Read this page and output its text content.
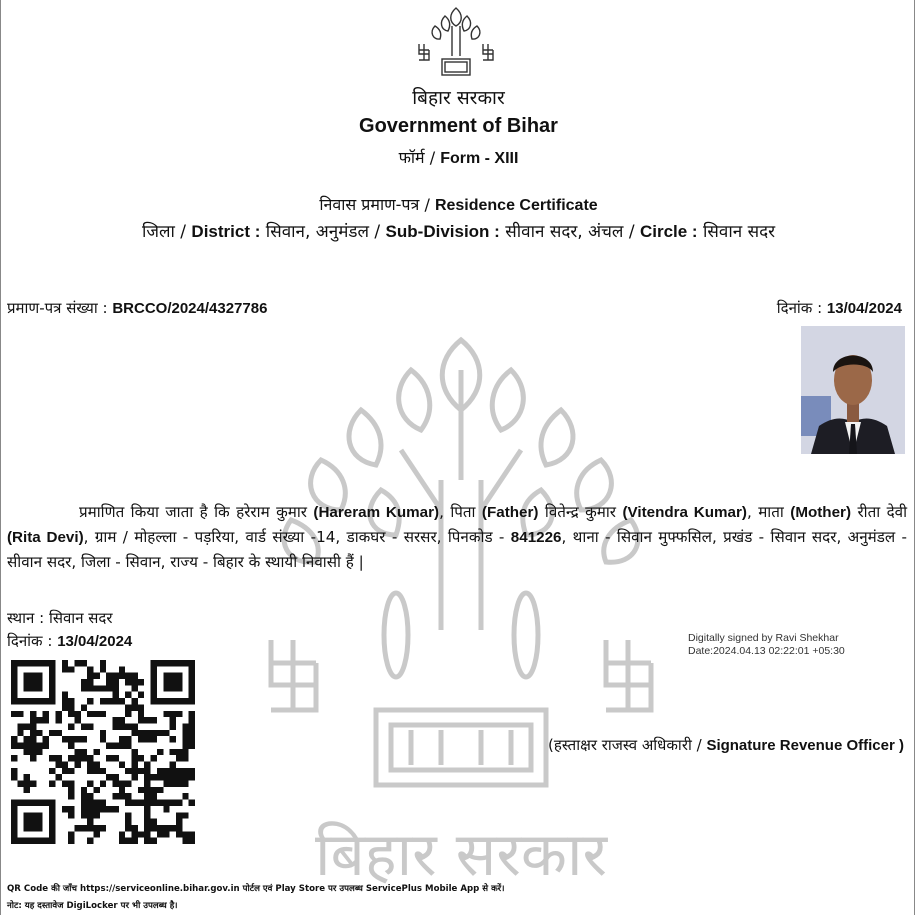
बिहार सरकार
बिहार सरकार
Government of Bihar
फॉर्म / Form - XIII
निवास प्रमाण-पत्र / Residence Certificate
जिला / District : सिवान, अनुमंडल / Sub-Division : सीवान सदर, अंचल / Circle : सिवान सदर
प्रमाण-पत्र संख्या : BRCCO/2024/4327786	दिनांक : 13/04/2024

प्रमाणित किया जाता है कि हरेराम कुमार (Hareram Kumar), पिता (Father) वितेन्द्र कुमार (Vitendra Kumar), माता (Mother) रीता देवी (Rita Devi), ग्राम / मोहल्ला - पड़रिया, वार्ड संख्या -14, डाकघर - सरसर, पिनकोड - 841226, थाना - सिवान मुफ्फसिल, प्रखंड - सिवान सदर, अनुमंडल - सीवान सदर, जिला - सिवान, राज्य - बिहार के स्थायी निवासी हैं |

स्थान : सिवान सदर
दिनांक : 13/04/2024	Digitally signed by Ravi Shekhar
Date:2024.04.13 02:22:01 +05:30
(हस्ताक्षर राजस्व अधिकारी / Signature Revenue Officer )
QR Code की जाँच https://serviceonline.bihar.gov.in पोर्टल एवं Play Store पर उपलब्ध ServicePlus Mobile App से करें।
नोट: यह दस्तावेज DigiLocker पर भी उपलब्ध है।
